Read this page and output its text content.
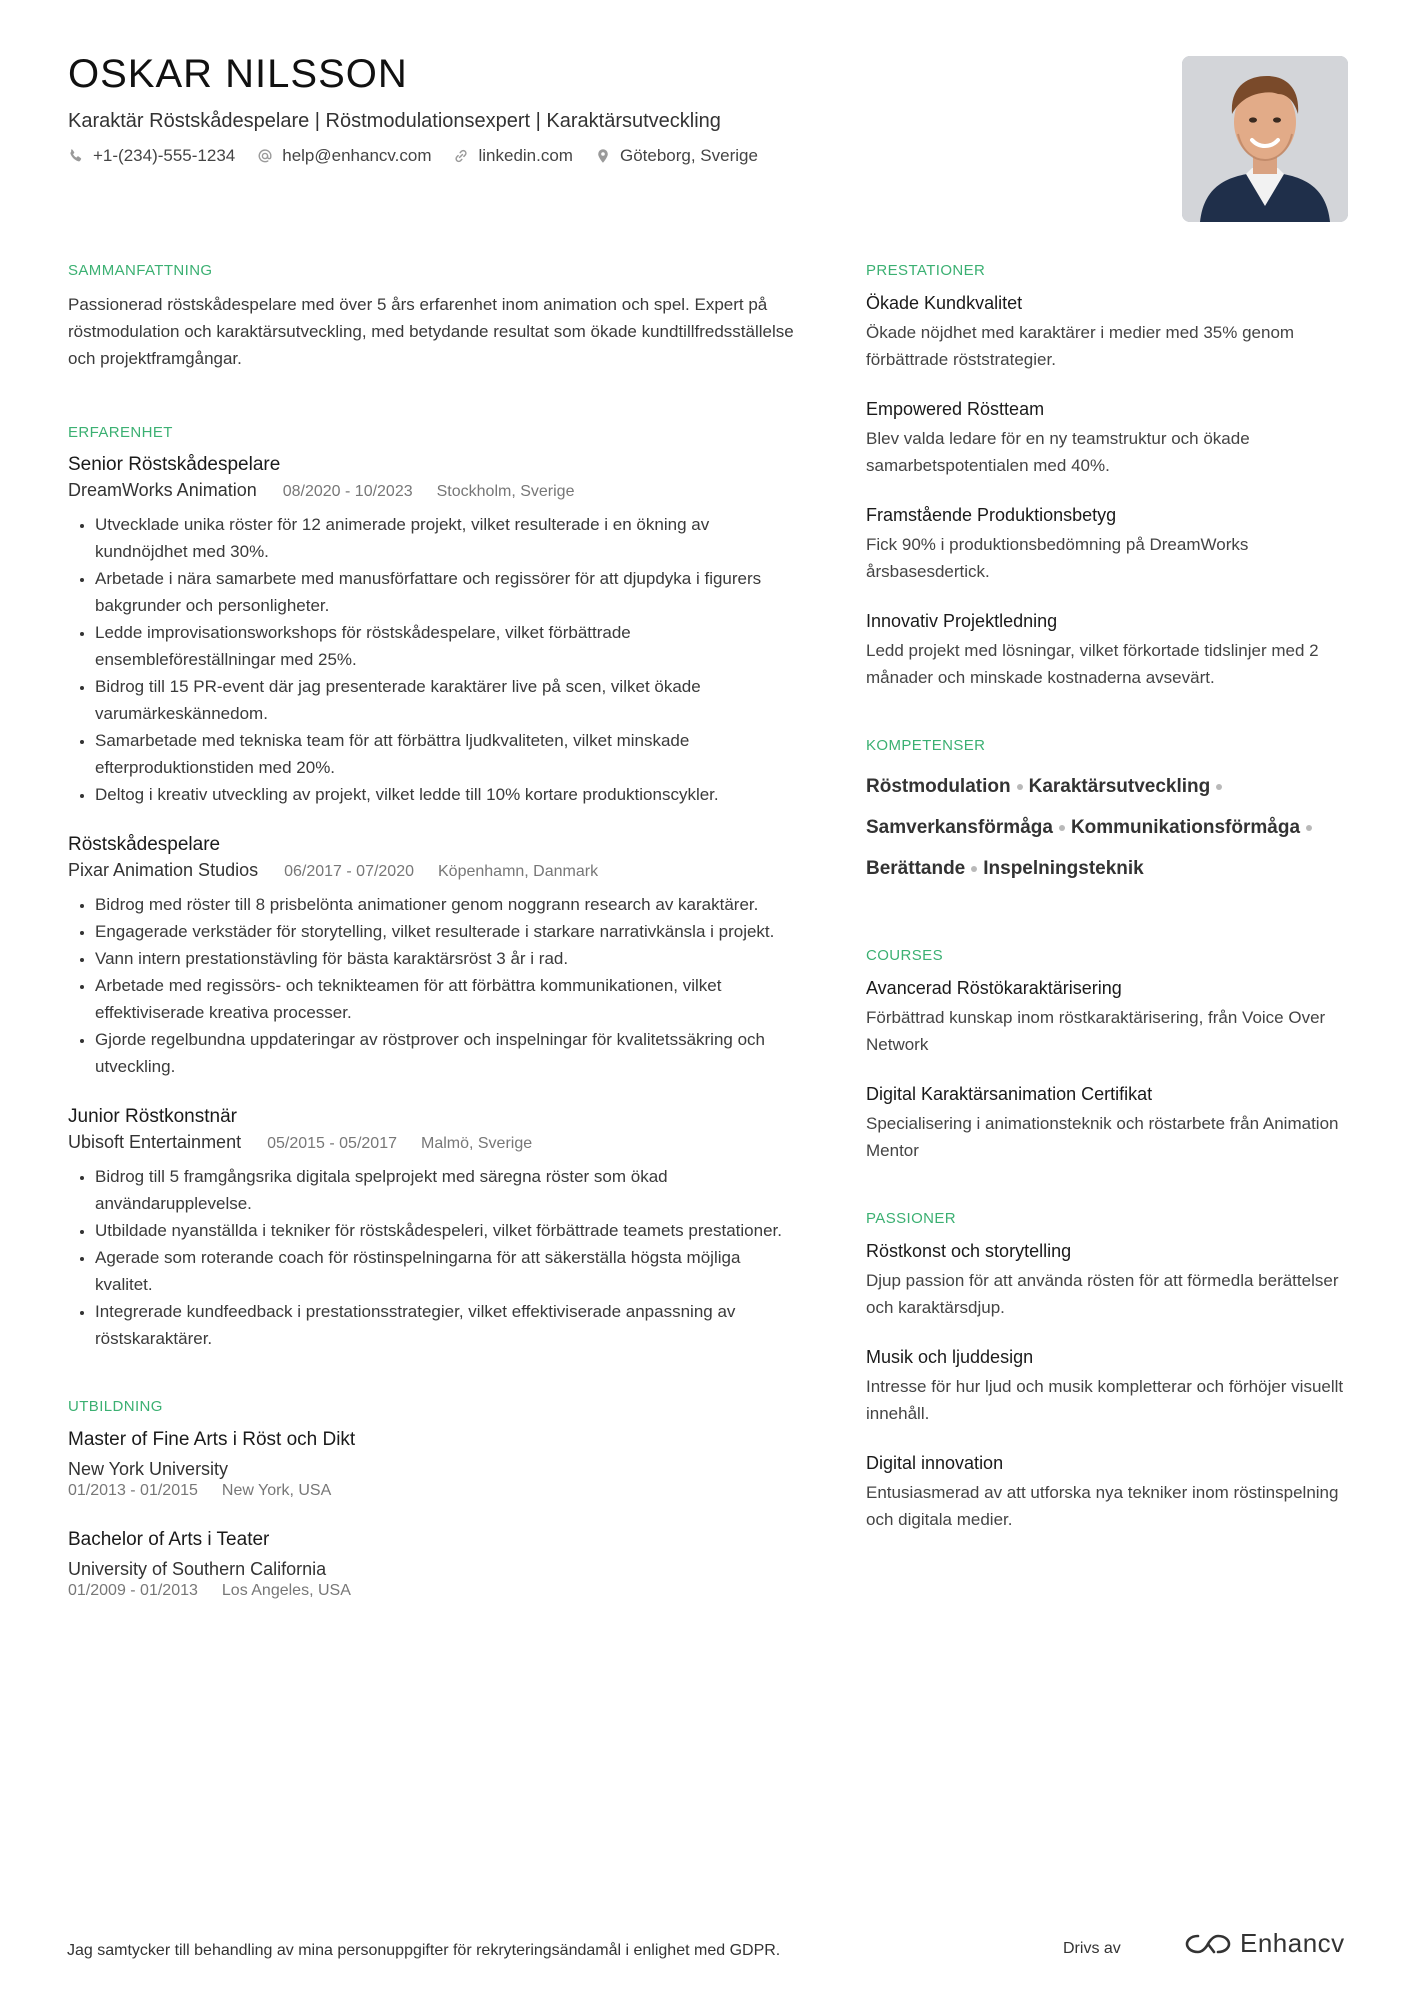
OSKAR NILSSON
Karaktär Röstskådespelare | Röstmodulationsexpert | Karaktärsutveckling
+1-(234)-555-1234	help@enhancv.com	linkedin.com	Göteborg, Sverige
SAMMANFATTNING
Passionerad röstskådespelare med över 5 års erfarenhet inom animation och spel. Expert på röstmodulation och karaktärsutveckling, med betydande resultat som ökade kundtillfredsställelse och projektframgångar.
ERFARENHET
Senior Röstskådespelare
DreamWorks Animation 08/2020 - 10/2023 Stockholm, Sverige
• Utvecklade unika röster för 12 animerade projekt, vilket resulterade i en ökning av kundnöjdhet med 30%.
• Arbetade i nära samarbete med manusförfattare och regissörer för att djupdyka i figurers bakgrunder och personligheter.
• Ledde improvisationsworkshops för röstskådespelare, vilket förbättrade ensembleföreställningar med 25%.
• Bidrog till 15 PR-event där jag presenterade karaktärer live på scen, vilket ökade varumärkeskännedom.
• Samarbetade med tekniska team för att förbättra ljudkvaliteten, vilket minskade efterproduktionstiden med 20%.
• Deltog i kreativ utveckling av projekt, vilket ledde till 10% kortare produktionscykler.
Röstskådespelare
Pixar Animation Studios 06/2017 - 07/2020 Köpenhamn, Danmark
• Bidrog med röster till 8 prisbelönta animationer genom noggrann research av karaktärer.
• Engagerade verkstäder för storytelling, vilket resulterade i starkare narrativkänsla i projekt.
• Vann intern prestationstävling för bästa karaktärsröst 3 år i rad.
• Arbetade med regissörs- och teknikteamen för att förbättra kommunikationen, vilket effektiviserade kreativa processer.
• Gjorde regelbundna uppdateringar av röstprover och inspelningar för kvalitetssäkring och utveckling.
Junior Röstkonstnär
Ubisoft Entertainment 05/2015 - 05/2017 Malmö, Sverige
• Bidrog till 5 framgångsrika digitala spelprojekt med säregna röster som ökad användarupplevelse.
• Utbildade nyanställda i tekniker för röstskådespeleri, vilket förbättrade teamets prestationer.
• Agerade som roterande coach för röstinspelningarna för att säkerställa högsta möjliga kvalitet.
• Integrerade kundfeedback i prestationsstrategier, vilket effektiviserade anpassning av röstskaraktärer.
UTBILDNING
Master of Fine Arts i Röst och Dikt
New York University
01/2013 - 01/2015 New York, USA
Bachelor of Arts i Teater
University of Southern California
01/2009 - 01/2013 Los Angeles, USA
PRESTATIONER
Ökade Kundkvalitet
Ökade nöjdhet med karaktärer i medier med 35% genom förbättrade röststrategier.
Empowered Röstteam
Blev valda ledare för en ny teamstruktur och ökade samarbetspotentialen med 40%.
Framstående Produktionsbetyg
Fick 90% i produktionsbedömning på DreamWorks årsbasesdertick.
Innovativ Projektledning
Ledd projekt med lösningar, vilket förkortade tidslinjer med 2 månader och minskade kostnaderna avsevärt.
KOMPETENSER
Röstmodulation Karaktärsutveckling
Samverkansförmåga Kommunikationsförmåga
Berättande Inspelningsteknik
COURSES
Avancerad Röstökaraktärisering
Förbättrad kunskap inom röstkaraktärisering, från Voice Over Network
Digital Karaktärsanimation Certifikat
Specialisering i animationsteknik och röstarbete från Animation Mentor
PASSIONER
Röstkonst och storytelling
Djup passion för att använda rösten för att förmedla berättelser och karaktärsdjup.
Musik och ljuddesign
Intresse för hur ljud och musik kompletterar och förhöjer visuellt innehåll.
Digital innovation
Entusiasmerad av att utforska nya tekniker inom röstinspelning och digitala medier.
Jag samtycker till behandling av mina personuppgifter för rekryteringsändamål i enlighet med GDPR.	Drivs av	Enhancv
